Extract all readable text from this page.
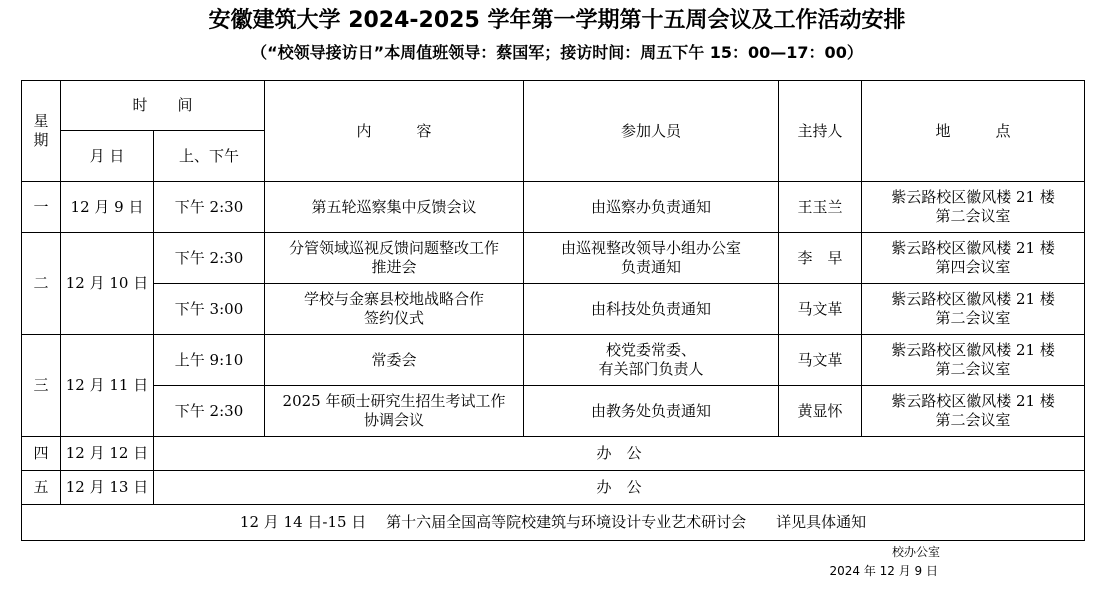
安徽建筑大学 2024-2025 学年第一学期第十五周会议及工作活动安排
（“校领导接访日”本周值班领导：蔡国军；接访时间：周五下午 15：00—17：00）
星
期	时　　间		内　　　容	参加人员	主持人	地　　　点
	月 日	上、下午				
一	12 月 9 日	下午 2:30	第五轮巡察集中反馈会议	由巡察办负责通知	王玉兰	紫云路校区徽风楼 21 楼
第二会议室
二	12 月 10 日	下午 2:30	分管领域巡视反馈问题整改工作
推进会	由巡视整改领导小组办公室
负责通知	李　早	紫云路校区徽风楼 21 楼
第四会议室
		下午 3:00	学校与金寨县校地战略合作
签约仪式	由科技处负责通知	马文革	紫云路校区徽风楼 21 楼
第二会议室
三	12 月 11 日	上午 9:10	常委会	校党委常委、
有关部门负责人	马文革	紫云路校区徽风楼 21 楼
第二会议室
		下午 2:30	2025 年硕士研究生招生考试工作
协调会议	由教务处负责通知	黄显怀	紫云路校区徽风楼 21 楼
第二会议室
四	12 月 12 日	办　公				
五	12 月 13 日	办　公				
12 月 14 日-15 日　 第十六届全国高等院校建筑与环境设计专业艺术研讨会　　详见具体通知						
校办公室
2024 年 12 月 9 日
